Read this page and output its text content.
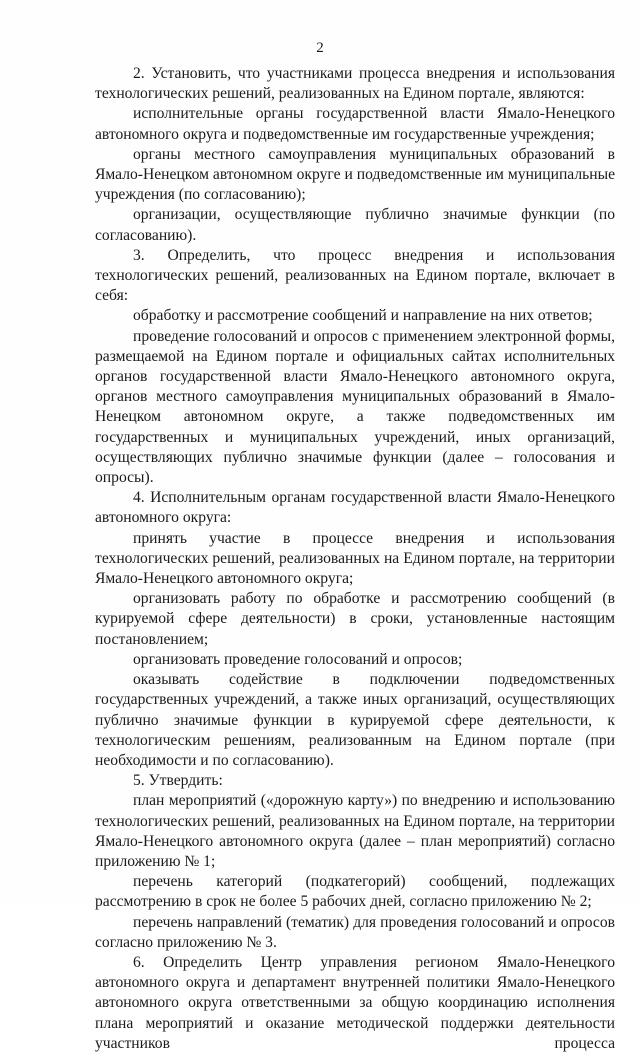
2

2. Установить, что участниками процесса внедрения и использования технологических решений, реализованных на Едином портале, являются:

исполнительные органы государственной власти Ямало-Ненецкого автономного округа и подведомственные им государственные учреждения;

органы местного самоуправления муниципальных образований в Ямало-Ненецком автономном округе и подведомственные им муниципальные учреждения (по согласованию);

организации, осуществляющие публично значимые функции (по согласованию).

3. Определить, что процесс внедрения и использования технологических решений, реализованных на Едином портале, включает в себя:

обработку и рассмотрение сообщений и направление на них ответов;

проведение голосований и опросов с применением электронной формы, размещаемой на Едином портале и официальных сайтах исполнительных органов государственной власти Ямало-Ненецкого автономного округа, органов местного самоуправления муниципальных образований в Ямало-Ненецком автономном округе, а также подведомственных им государственных и муниципальных учреждений, иных организаций, осуществляющих публично значимые функции (далее – голосования и опросы).

4. Исполнительным органам государственной власти Ямало-Ненецкого автономного округа:

принять участие в процессе внедрения и использования технологических решений, реализованных на Едином портале, на территории Ямало-Ненецкого автономного округа;

организовать работу по обработке и рассмотрению сообщений (в курируемой сфере деятельности) в сроки, установленные настоящим постановлением;

организовать проведение голосований и опросов;

оказывать содействие в подключении подведомственных государственных учреждений, а также иных организаций, осуществляющих публично значимые функции в курируемой сфере деятельности, к технологическим решениям, реализованным на Едином портале (при необходимости и по согласованию).

5. Утвердить:

план мероприятий («дорожную карту») по внедрению и использованию технологических решений, реализованных на Едином портале, на территории Ямало-Ненецкого автономного округа (далее – план мероприятий) согласно приложению № 1;

перечень категорий (подкатегорий) сообщений, подлежащих рассмотрению в срок не более 5 рабочих дней, согласно приложению № 2;

перечень направлений (тематик) для проведения голосований и опросов согласно приложению № 3.

6. Определить Центр управления регионом Ямало-Ненецкого автономного округа и департамент внутренней политики Ямало-Ненецкого автономного округа ответственными за общую координацию исполнения плана мероприятий и оказание методической поддержки деятельности участников процесса
